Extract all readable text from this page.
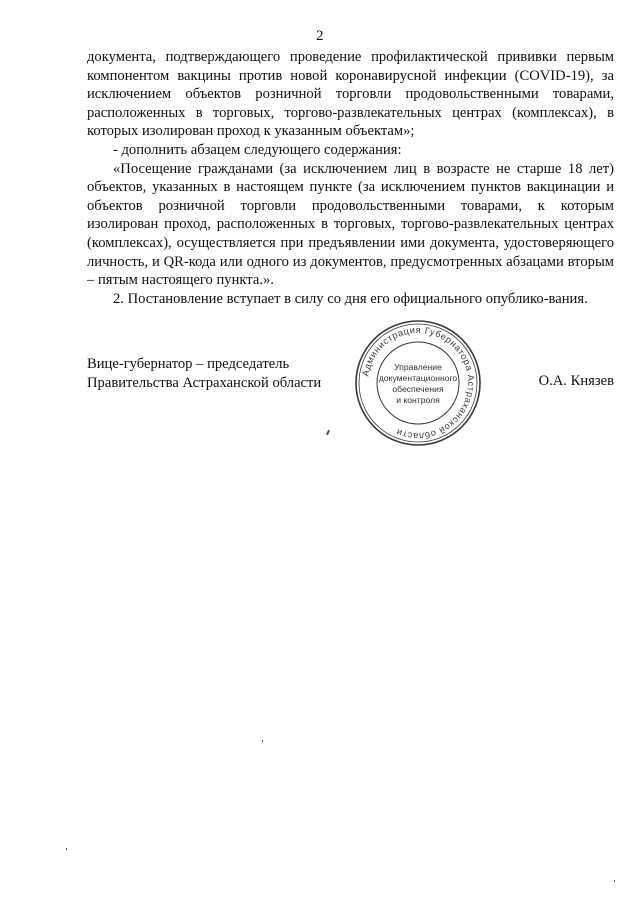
2

документа, подтверждающего проведение профилактической прививки первым компонентом вакцины против новой коронавирусной инфекции (COVID-19), за исключением объектов розничной торговли продовольственными товарами, расположенных в торговых, торгово-развлекательных центрах (комплексах), в которых изолирован проход к указанным объектам»;

- дополнить абзацем следующего содержания:

«Посещение гражданами (за исключением лиц в возрасте не старше 18 лет) объектов, указанных в настоящем пункте (за исключением пунктов вакцинации и объектов розничной торговли продовольственными товарами, к которым изолирован проход, расположенных в торговых, торгово-развлекательных центрах (комплексах), осуществляется при предъявлении ими документа, удостоверяющего личность, и QR-кода или одного из документов, предусмотренных абзацами вторым – пятым настоящего пункта.».

2. Постановление вступает в силу со дня его официального опублико-вания.

Вице-губернатор – председатель
Правительства Астраханской области
Администрация Губернатора Астраханской области
Управление
документационного
обеспечения
и контроля
О.А. Князев
